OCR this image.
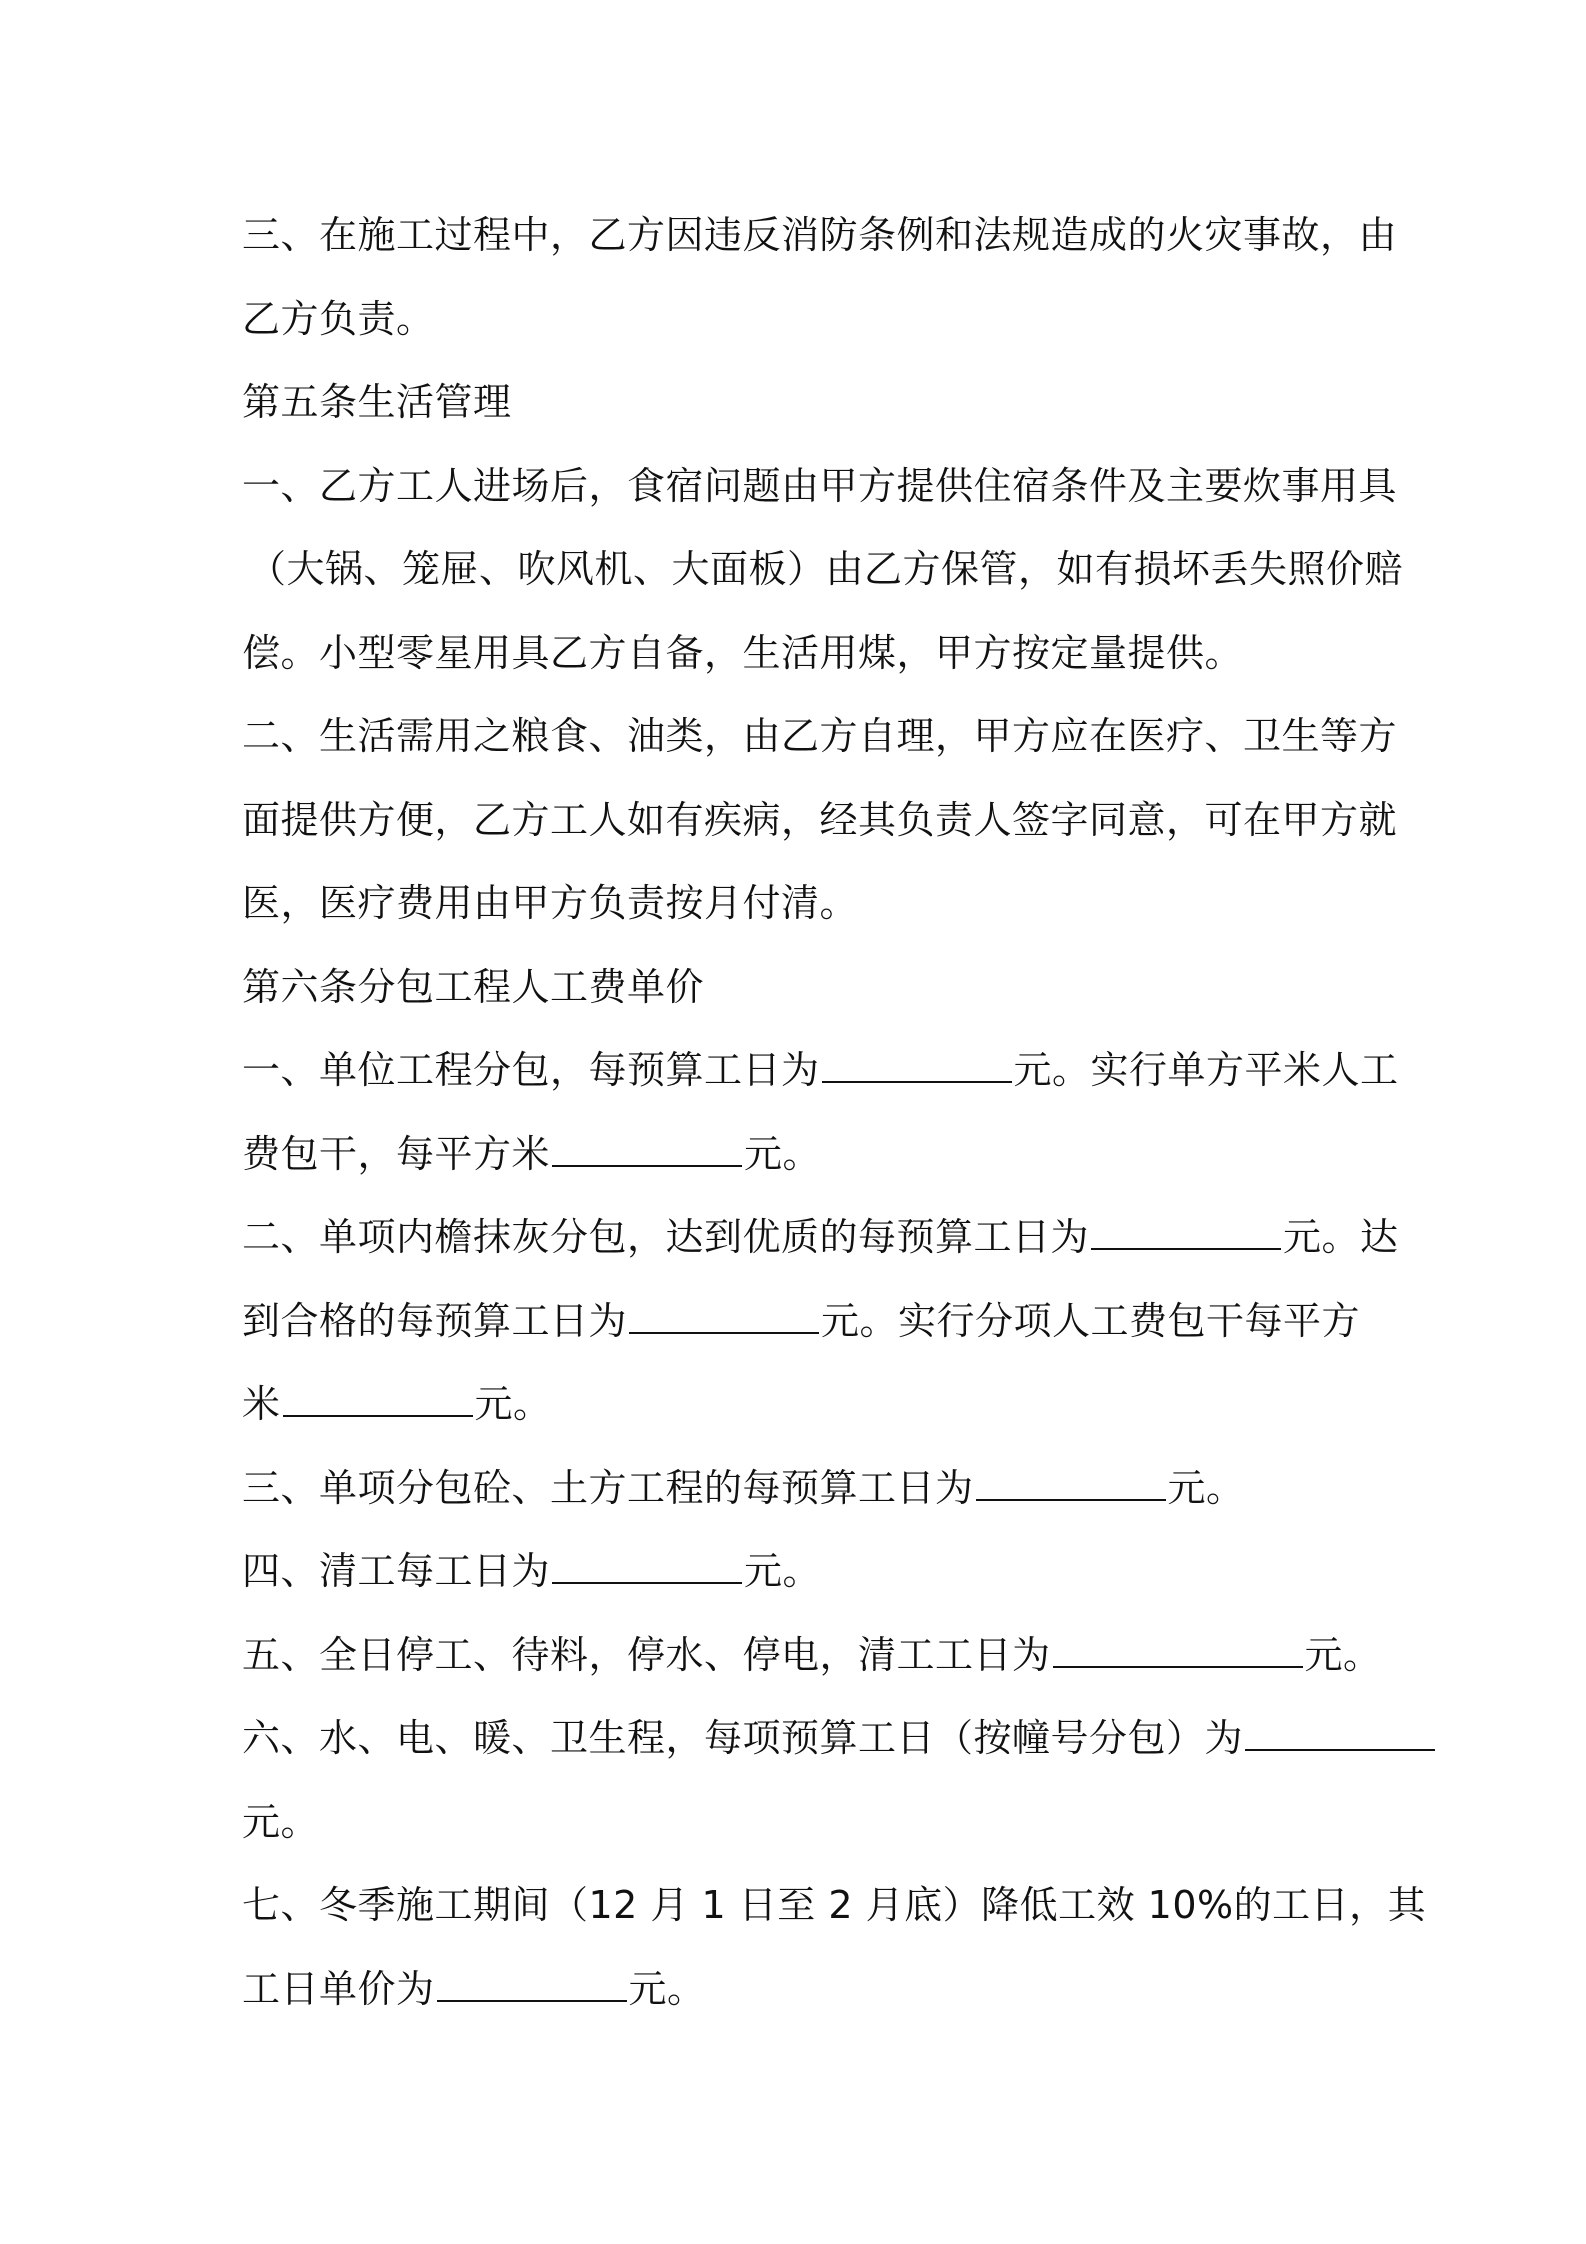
三、在施工过程中，乙方因违反消防条例和法规造成的火灾事故，由
乙方负责。
第五条生活管理
一、乙方工人进场后，食宿问题由甲方提供住宿条件及主要炊事用具
（大锅、笼屉、吹风机、大面板）由乙方保管，如有损坏丢失照价赔
偿。小型零星用具乙方自备，生活用煤，甲方按定量提供。
二、生活需用之粮食、油类，由乙方自理，甲方应在医疗、卫生等方
面提供方便，乙方工人如有疾病，经其负责人签字同意，可在甲方就
医，医疗费用由甲方负责按月付清。
第六条分包工程人工费单价
一、单位工程分包，每预算工日为	元。实行单方平米人工
费包干，每平方米	元。
二、单项内檐抹灰分包，达到优质的每预算工日为	元。达
到合格的每预算工日为	元。实行分项人工费包干每平方
米	元。
三、单项分包砼、土方工程的每预算工日为	元。
四、清工每工日为	元。
五、全日停工、待料，停水、停电，清工工日为	元。
六、水、电、暖、卫生程，每项预算工日（按幢号分包）为
元。
七、冬季施工期间（12 月 1 日至 2 月底）降低工效 10%的工日，其
工日单价为	元。
